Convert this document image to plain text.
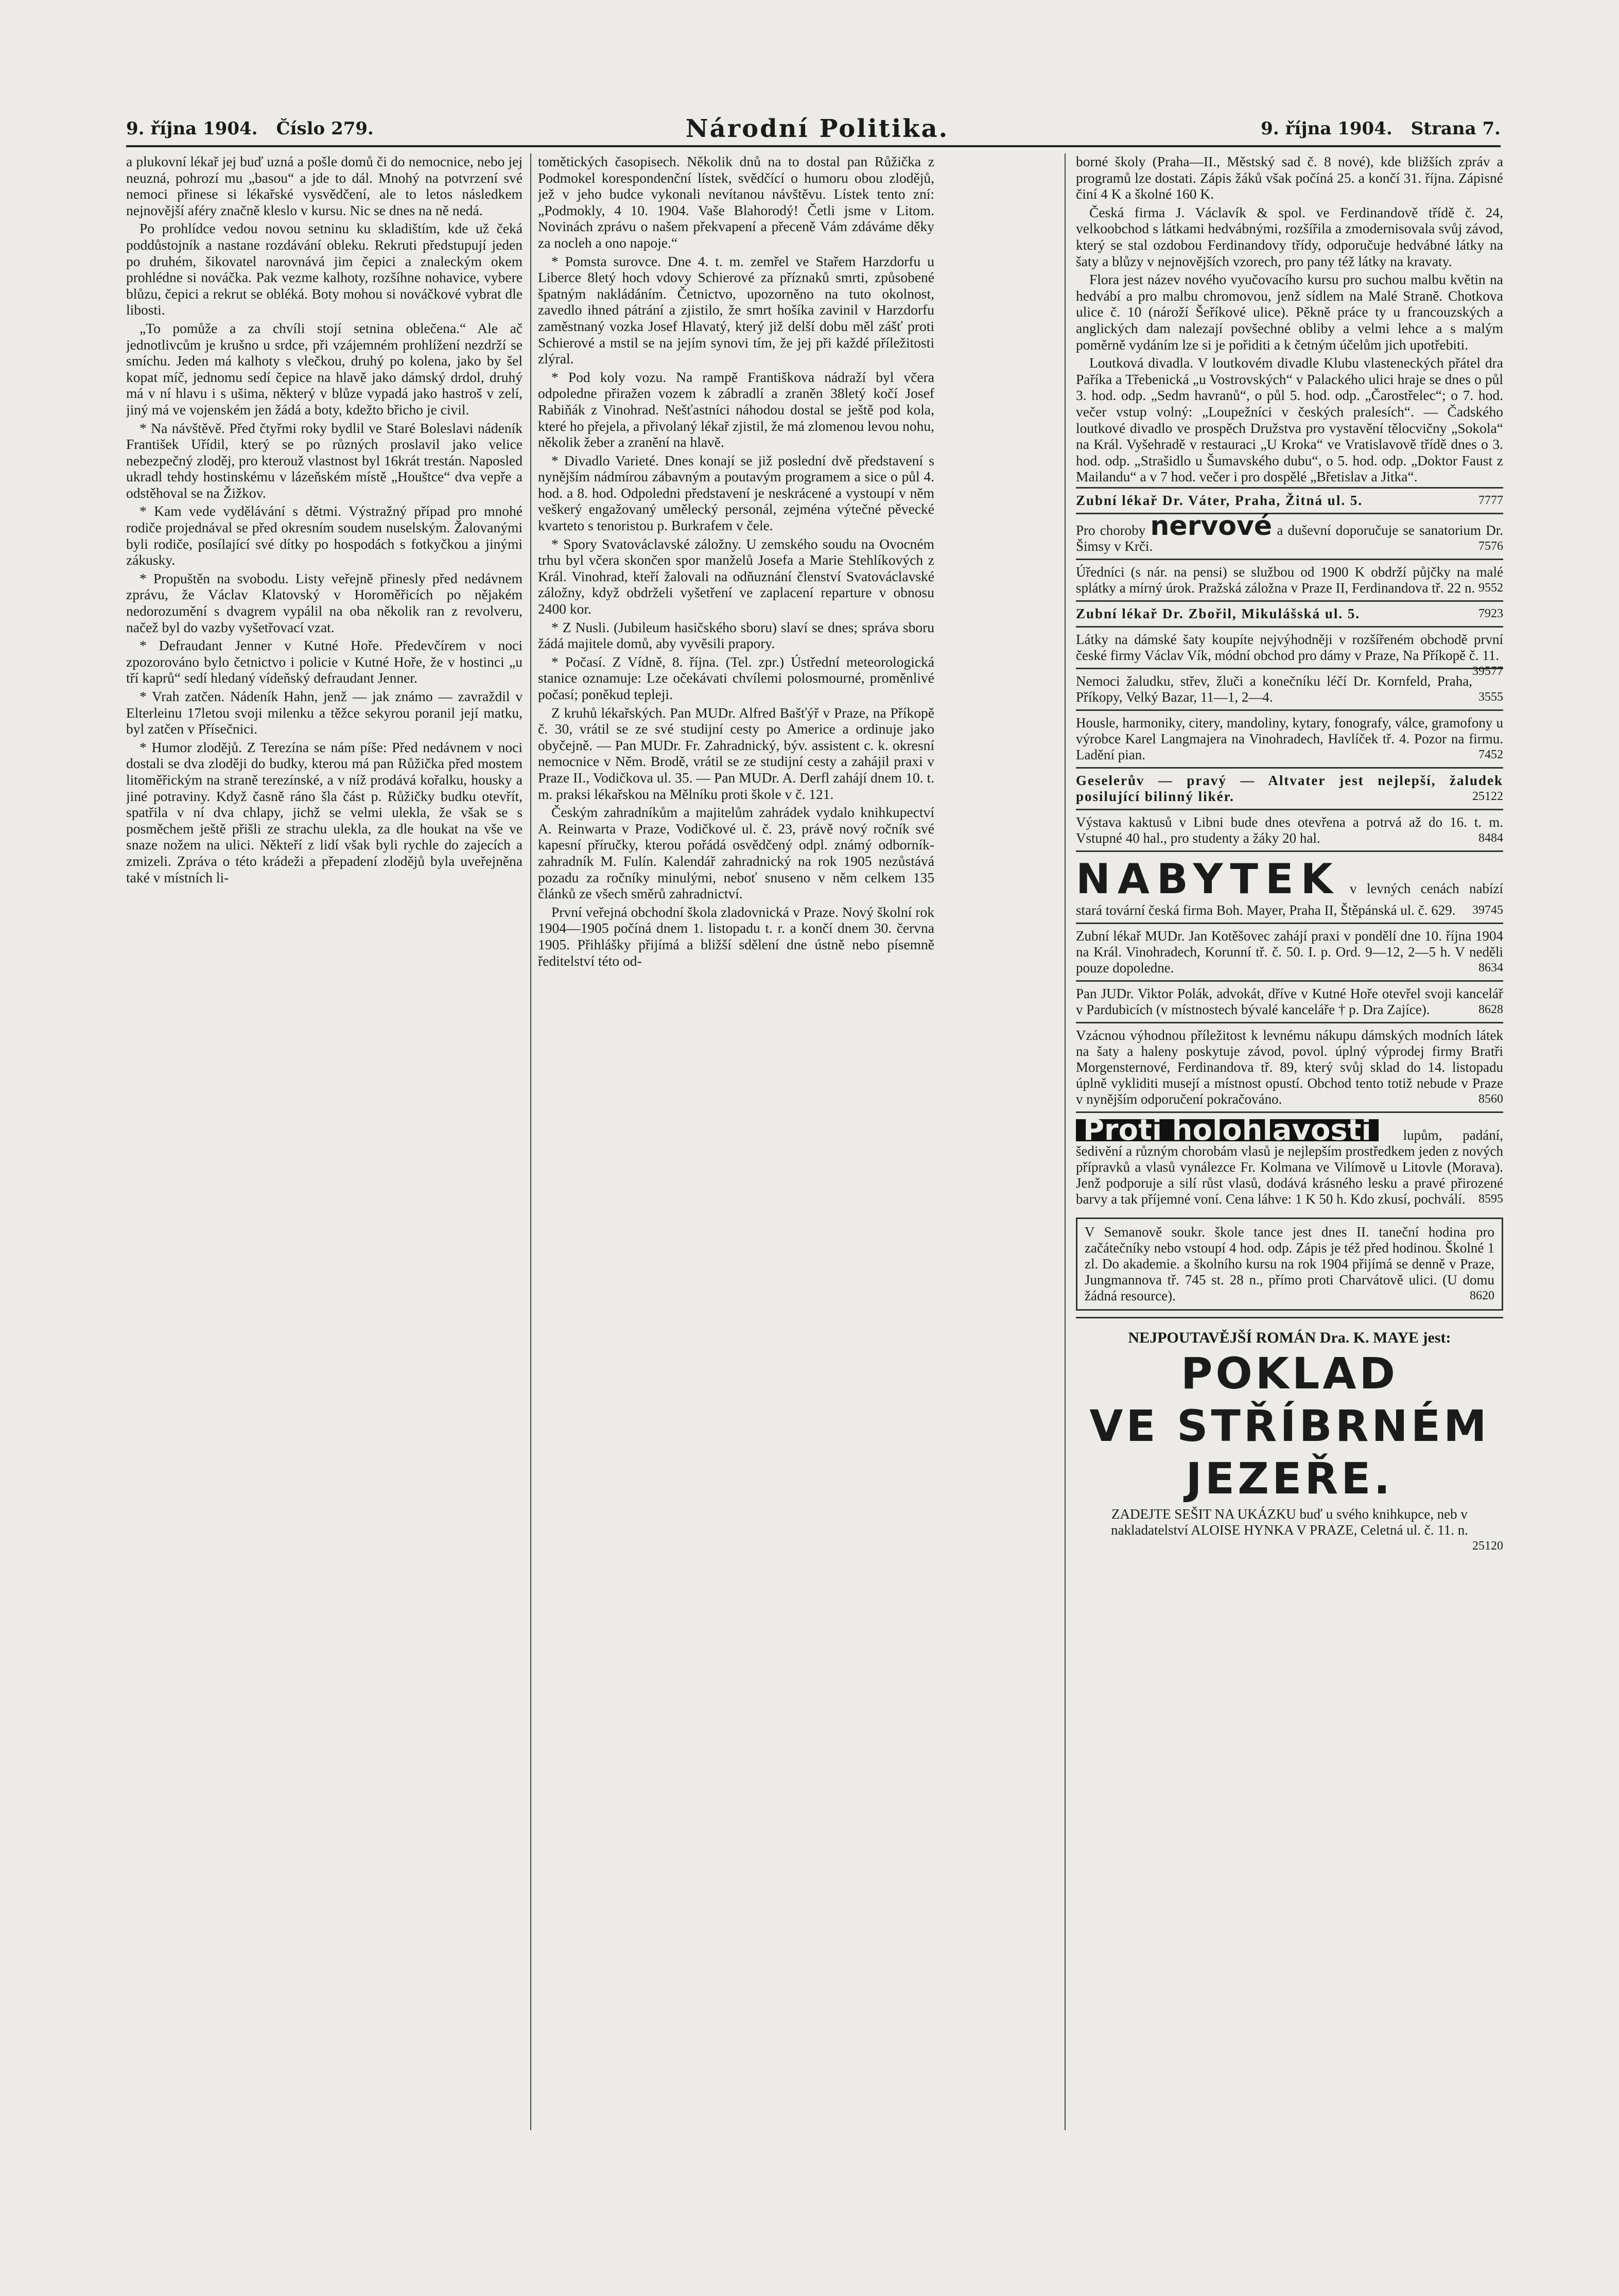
9. října 1904. Číslo 279.	Národní Politika.	9. října 1904. Strana 7.

a plukovní lékař jej buď uzná a pošle domů či do nemocnice, nebo jej neuzná, pohrozí mu „basou“ a jde to dál. Mnohý na potvrzení své nemoci přinese si lékařské vysvědčení, ale to letos následkem nejnovější aféry značně kleslo v kursu. Nic se dnes na ně nedá.

Po prohlídce vedou novou setninu ku skladištím, kde už čeká poddůstojník a nastane rozdávání obleku. Rekruti předstupují jeden po druhém, šikovatel narovnává jim čepici a znaleckým okem prohlédne si nováčka. Pak vezme kalhoty, rozšíhne nohavice, vybere blůzu, čepici a rekrut se obléká. Boty mohou si nováčkové vybrat dle libosti.

„To pomůže a za chvíli stojí setnina oblečena.“ Ale ač jednotlivcům je krušno u srdce, při vzájemném prohlížení nezdrží se smíchu. Jeden má kalhoty s vlečkou, druhý po kolena, jako by šel kopat míč, jednomu sedí čepice na hlavě jako dámský drdol, druhý má v ní hlavu i s ušima, některý v blůze vypadá jako hastroš v zelí, jiný má ve vojenském jen žádá a boty, kdežto břicho je civil.

* Na návštěvě. Před čtyřmi roky bydlil ve Staré Boleslavi nádeník František Uřídil, který se po různých proslavil jako velice nebezpečný zloděj, pro kterouž vlastnost byl 16krát trestán. Naposled ukradl tehdy hostinskému v lázeňském místě „Houštce“ dva vepře a odstěhoval se na Žižkov.

* Kam vede vydělávání s dětmi. Výstražný případ pro mnohé rodiče projednával se před okresním soudem nuselským. Žalovanými byli rodiče, posílající své dítky po hospodách s fotkyčkou a jinými zákusky.

* Propuštěn na svobodu. Listy veřejně přinesly před nedávnem zprávu, že Václav Klatovský v Horoměřicích po nějakém nedorozumění s dvagrem vypálil na oba několik ran z revolveru, načež byl do vazby vyšetřovací vzat.

* Defraudant Jenner v Kutné Hoře. Předevčírem v noci zpozorováno bylo četnictvo i policie v Kutné Hoře, že v hostinci „u tří kaprů“ sedí hledaný vídeňský defraudant Jenner.

* Vrah zatčen. Nádeník Hahn, jenž — jak známo — zavraždil v Elterleinu 17letou svoji milenku a těžce sekyrou poranil její matku, byl zatčen v Přísečnici.

* Humor zlodějů. Z Terezína se nám píše: Před nedávnem v noci dostali se dva zloději do budky, kterou má pan Růžička před mostem litoměřickým na straně terezínské, a v níž prodává kořalku, housky a jiné potraviny. Když časně ráno šla část p. Růžičky budku otevřít, spatřila v ní dva chlapy, jichž se velmi ulekla, že však se s posměchem ještě přišli ze strachu ulekla, za dle houkat na vše ve snaze nožem na ulici. Někteří z lidí však byli rychle do zajecích a zmizeli. Zpráva o této krádeži a přepadení zlodějů byla uveřejněna také v místních li-

tomětických časopisech. Několik dnů na to dostal pan Růžička z Podmokel korespondenční lístek, svědčící o humoru obou zlodějů, jež v jeho budce vykonali nevítanou návštěvu. Lístek tento zní: „Podmokly, 4 10. 1904. Vaše Blahorodý! Četli jsme v Litom. Novinách zprávu o našem překvapení a přeceně Vám zdáváme děky za nocleh a ono napoje.“

* Pomsta surovce. Dne 4. t. m. zemřel ve Stařem Harzdorfu u Liberce 8letý hoch vdovy Schierové za příznaků smrti, způsobené špatným nakládáním. Četnictvo, upozorněno na tuto okolnost, zavedlo ihned pátrání a zjistilo, že smrt hošíka zavinil v Harzdorfu zaměstnaný vozka Josef Hlavatý, který již delší dobu měl zášť proti Schierové a mstil se na jejím synovi tím, že jej při každé příležitosti zlýral.

* Pod koly vozu. Na rampě Františkova nádraží byl včera odpoledne přiražen vozem k zábradlí a zraněn 38letý kočí Josef Rabiňák z Vinohrad. Nešťastníci náhodou dostal se ještě pod kola, které ho přejela, a přivolaný lékař zjistil, že má zlomenou levou nohu, několik žeber a zranění na hlavě.

* Divadlo Varieté. Dnes konají se již poslední dvě představení s nynějším nádmírou zábavným a poutavým programem a sice o půl 4. hod. a 8. hod. Odpoledni představení je neskrácené a vystoupí v něm veškerý engažovaný umělecký personál, zejména výtečné pěvecké kvarteto s tenoristou p. Burkrafem v čele.

* Spory Svatováclavské záložny. U zemského soudu na Ovocném trhu byl včera skončen spor manželů Josefa a Marie Stehlíkových z Král. Vinohrad, kteří žalovali na odňuznání členství Svatováclavské záložny, když obdrželi vyšetření ve zaplacení reparture v obnosu 2400 kor.

* Z Nusli. (Jubileum hasičského sboru) slaví se dnes; správa sboru žádá majitele domů, aby vyvěsili prapory.

* Počasí. Z Vídně, 8. října. (Tel. zpr.) Ústřední meteorologická stanice oznamuje: Lze očekávati chvílemi polosmourné, proměnlivé počasí; poněkud tepleji.

Z kruhů lékařských. Pan MUDr. Alfred Bašťýř v Praze, na Příkopě č. 30, vrátil se ze své studijní cesty po Americe a ordinuje jako obyčejně. — Pan MUDr. Fr. Zahradnický, býv. assistent c. k. okresní nemocnice v Něm. Brodě, vrátil se ze studijní cesty a zahájil praxi v Praze II., Vodičkova ul. 35. — Pan MUDr. A. Derfl zahájí dnem 10. t. m. praksi lékařskou na Mělníku proti škole v č. 121.

Českým zahradníkům a majitelům zahrádek vydalo knihkupectví A. Reinwarta v Praze, Vodičkové ul. č. 23, právě nový ročník své kapesní příručky, kterou pořádá osvědčený odpl. známý odborník-zahradník M. Fulín. Kalendář zahradnický na rok 1905 nezůstává pozadu za ročníky minulými, neboť snuseno v něm celkem 135 článků ze všech směrů zahradnictví.

První veřejná obchodní škola zladovnická v Praze. Nový školní rok 1904—1905 počíná dnem 1. listopadu t. r. a končí dnem 30. června 1905. Přihlášky přijímá a bližší sdělení dne ústně nebo písemně ředitelství této od-

borné školy (Praha—II., Městský sad č. 8 nové), kde bližších zpráv a programů lze dostati. Zápis žáků však počíná 25. a končí 31. října. Zápisné činí 4 K a školné 160 K.

Česká firma J. Václavík & spol. ve Ferdinandově třídě č. 24, velkoobchod s látkami hedvábnými, rozšířila a zmodernisovala svůj závod, který se stal ozdobou Ferdinandovy třídy, odporučuje hedvábné látky na šaty a blůzy v nejnovějších vzorech, pro pany též látky na kravaty.

Flora jest název nového vyučovacího kursu pro suchou malbu květin na hedvábí a pro malbu chromovou, jenž sídlem na Malé Straně. Chotkova ulice č. 10 (nároží Šeříkové ulice). Pěkně práce ty u francouzských a anglických dam nalezají povšechné obliby a velmi lehce a s malým poměrně vydáním lze si je pořiditi a k četným účelům jich upotřebiti.

Loutková divadla. V loutkovém divadle Klubu vlasteneckých přátel dra Paříka a Třebenická „u Vostrovských“ v Palackého ulici hraje se dnes o půl 3. hod. odp. „Sedm havranů“, o půl 5. hod. odp. „Čarostřelec“; o 7. hod. večer vstup volný: „Loupežníci v českých pralesích“. — Čadského loutkové divadlo ve prospěch Družstva pro vystavění tělocvičny „Sokola“ na Král. Vyšehradě v restauraci „U Kroka“ ve Vratislavově třídě dnes o 3. hod. odp. „Strašidlo u Šumavského dubu“, o 5. hod. odp. „Doktor Faust z Mailandu“ a v 7 hod. večer i pro dospělé „Břetislav a Jitka“.

Zubní lékař Dr. Váter, Praha, Žitná ul. 5.	7777
Pro choroby nervové a duševní doporučuje se sanatorium Dr. Šimsy v Krči.	7576
Úředníci (s nár. na pensi) se službou od 1900 K obdrží půjčky na malé splátky a mírný úrok. Pražská záložna v Praze II, Ferdinandova tř. 22 n. 9552
Zubní lékař Dr. Zbořil, Mikulášská ul. 5.	7923
Látky na dámské šaty koupíte nejvýhodněji v rozšířeném obchodě první české firmy Václav Vík, módní obchod pro dámy v Praze, Na Příkopě č. 11.
39577
Nemoci žaludku, střev, žluči a konečníku léčí Dr. Kornfeld, Praha, Příkopy, Velký Bazar, 11—1, 2—4.	3555
Housle, harmoniky, citery, mandoliny, kytary, fonografy, válce, gramofony u výrobce Karel Langmajera na Vinohradech, Havlíček tř. 4. Pozor na firmu. Ladění pian.	7452
Geselerův — pravý — Altvater jest nejlepší, žaludek posilující bilinný likér.	25122
Výstava kaktusů v Libni bude dnes otevřena a potrvá až do 16. t. m. Vstupné 40 hal., pro studenty a žáky 20 hal.	8484
NABYTEK v levných cenách nabízí stará tovární česká firma Boh. Mayer, Praha II, Štěpánská ul. č. 629. 39745
Zubní lékař MUDr. Jan Kotěšovec zahájí praxi v pondělí dne 10. října 1904 na Král. Vinohradech, Korunní tř. č. 50. I. p. Ord. 9—12, 2—5 h. V neděli pouze dopoledne.	8634
Pan JUDr. Viktor Polák, advokát, dříve v Kutné Hoře otevřel svoji kancelář v Pardubicích (v místnostech bývalé kanceláře † p. Dra Zajíce).	8628
Vzácnou výhodnou příležitost k levnému nákupu dámských modních látek na šaty a haleny poskytuje závod, povol. úplný výprodej firmy Bratři Morgensternové, Ferdinandova tř. 89, který svůj sklad do 14. listopadu úplně vykliditi musejí a místnost opustí. Obchod tento totiž nebude v Praze v nynějším odporučení pokračováno.	8560
Proti holohlavosti lupům, padání, šedivění a různým chorobám vlasů je nejlepším prostředkem jeden z nových přípravků a vlasů vynálezce Fr. Kolmana ve Vilímově u Litovle (Morava). Jenž podporuje a silí růst vlasů, dodává krásného lesku a pravé přirozené barvy a tak příjemné voní. Cena láhve: 1 K 50 h. Kdo zkusí, pochválí. 8595
V Semanově soukr. škole tance jest dnes II. taneční hodina pro začátečníky nebo vstoupí 4 hod. odp. Zápis je též před hodinou. Školné 1 zl. Do akademie. a školního kursu na rok 1904 přijímá se denně v Praze, Jungmannova tř. 745 st. 28 n., přímo proti Charvátově ulici. (U domu žádná resource).	8620
NEJPOUTAVĚJŠÍ ROMÁN Dra. K. MAYE jest:
POKLAD
VE STŘÍBRNÉM
JEZEŘE.
ZADEJTE SEŠIT NA UKÁZKU buď u svého knihkupce, neb v nakladatelství ALOISE HYNKA V PRAZE, Celetná ul. č. 11. n.
25120
